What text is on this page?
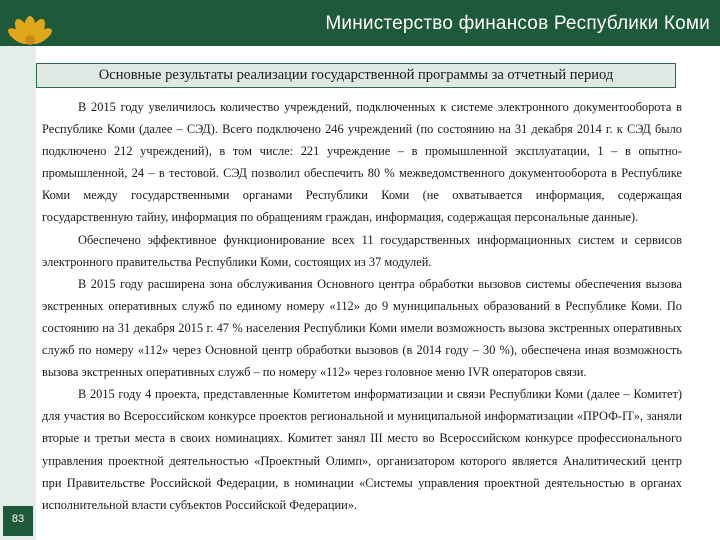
Министерство финансов Республики Коми
83
Основные результаты реализации государственной программы за отчетный период

В 2015 году увеличилось количество учреждений, подключенных к системе электронного документооборота в Республике Коми (далее – СЭД). Всего подключено 246 учреждений (по состоянию на 31 декабря 2014 г. к СЭД было подключено 212 учреждений), в том числе: 221 учреждение – в промышленной эксплуатации, 1 – в опытно-промышленной, 24 – в тестовой. СЭД позволил обеспечить 80 % межведомственного документооборота в Республике Коми между государственными органами Республики Коми (не охватывается информация, содержащая государственную тайну, информация по обращениям граждан, информация, содержащая персональные данные).

Обеспечено эффективное функционирование всех 11 государственных информационных систем и сервисов электронного правительства Республики Коми, состоящих из 37 модулей.

В 2015 году расширена зона обслуживания Основного центра обработки вызовов системы обеспечения вызова экстренных оперативных служб по единому номеру «112» до 9 муниципальных образований в Республике Коми. По состоянию на 31 декабря 2015 г. 47 % населения Республики Коми имели возможность вызова экстренных оперативных служб по номеру «112» через Основной центр обработки вызовов (в 2014 году – 30 %), обеспечена иная возможность вызова экстренных оперативных служб – по номеру «112» через головное меню IVR операторов связи.

В 2015 году 4 проекта, представленные Комитетом информатизации и связи Республики Коми (далее – Комитет) для участия во Всероссийском конкурсе проектов региональной и муниципальной информатизации «ПРОФ-IT», заняли вторые и третьи места в своих номинациях. Комитет занял III место во Всероссийском конкурсе профессионального управления проектной деятельностью «Проектный Олимп», организатором которого является Аналитический центр при Правительстве Российской Федерации, в номинации «Системы управления проектной деятельностью в органах исполнительной власти субъектов Российской Федерации».
